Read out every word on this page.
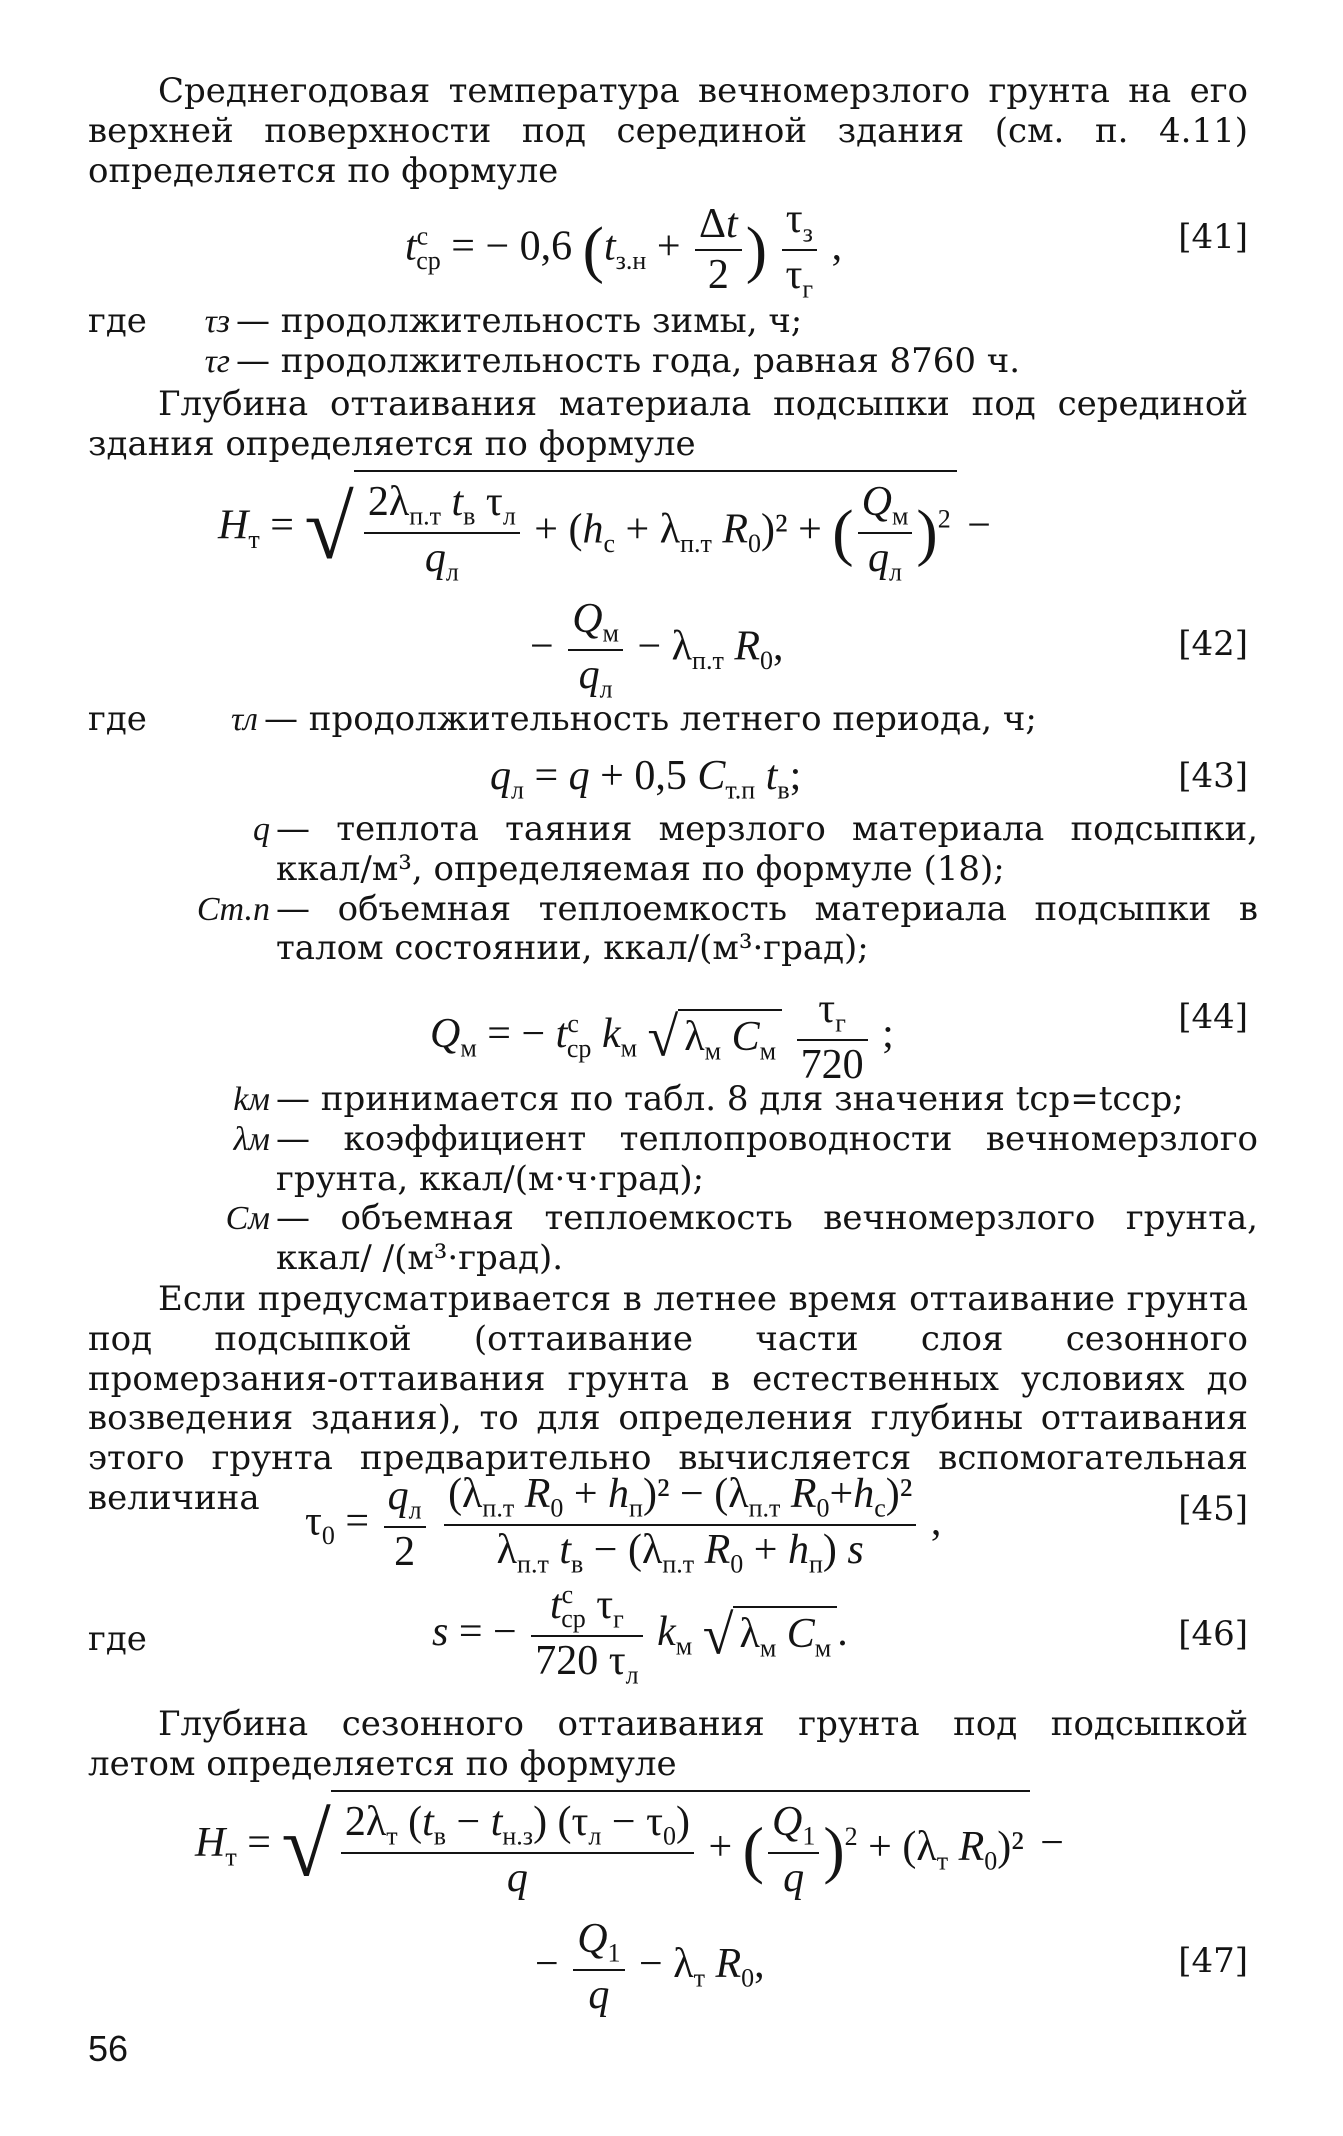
Среднегодовая температура вечномерзлого грунта на его верхней поверхности под серединой здания (см. п. 4.11) определяется по формуле
$t^c_{ср}$ = − 0,6 ($t_{з.н} + \frac{\Delta t}{2}$ ) $\frac{\tau_з}{\tau_г}$ ,	[41]
где	τз — продолжительность зимы, ч;
τг — продолжительность года, равная 8760 ч.
Глубина оттаивания материала подсыпки под серединой здания определяется по формуле
$H_т$ = √ $\frac{2\lambda_{п.т} t_в \tau_л}{q_л} + (h_с + \lambda_{п.т}$ $R_0)^2$ + ( $\frac{Q_м}{q_л} )^2$ −
− $\frac{Q_м}{q_л} - \lambda_{п.т}$ $R_0$,	[42]
где	τл — продолжительность летнего периода, ч;
$q_л = q + 0,5$ $C_{т.п}$ $t_в$;	[43]
q — теплота таяния мерзлого материала подсыпки, ккал/м³, определяемая по формуле (18);
Cт.п — объемная теплоемкость материала подсыпки в талом состоянии, ккал/(м³·град);
$Q_м$ = − $t^c_{ср}$ $k_м$ √ $\lambda_м$ $C_м \frac{\tau_г}{720}$ ;	[44]
kм — принимается по табл. 8 для значения tср=tсср;
λм — коэффициент теплопроводности вечномерзлого грунта, ккал/(м·ч·град);
Cм — объемная теплоемкость вечномерзлого грунта, ккал/ /(м³·град).
Если предусматривается в летнее время оттаивание грунта под подсыпкой (оттаивание части слоя сезонного промерзания-оттаивания грунта в естественных условиях до возведения здания), то для определения глубины оттаивания этого грунта предварительно вычисляется вспомогательная величина
$\tau_0 = \frac{q_л}{2}$
$\frac{(\lambda_{п.т} R_0 + h_п)^2 - (\lambda_{п.т} R_0+h_с)^2}{\lambda_{п.т} t_в - (\lambda_{п.т} R_0 + h_п) s}$ ,	[45]
где	s = − $\frac{t^c_{ср} \tau_г}{720 \tau_л} k_м$ √ $\lambda_м$ $C_м$ .	[46]
Глубина сезонного оттаивания грунта под подсыпкой летом определяется по формуле
$H_т$ = √ $\frac{2\lambda_т (t_в - t_{н.з}) (\tau_л - \tau_0)}{q}$ + ( $\frac{Q_1}{q} )^2 + (\lambda_т$ $R_0)^2$ −
− $\frac{Q_1}{q} - \lambda_т$ $R_0$,	[47]
56
